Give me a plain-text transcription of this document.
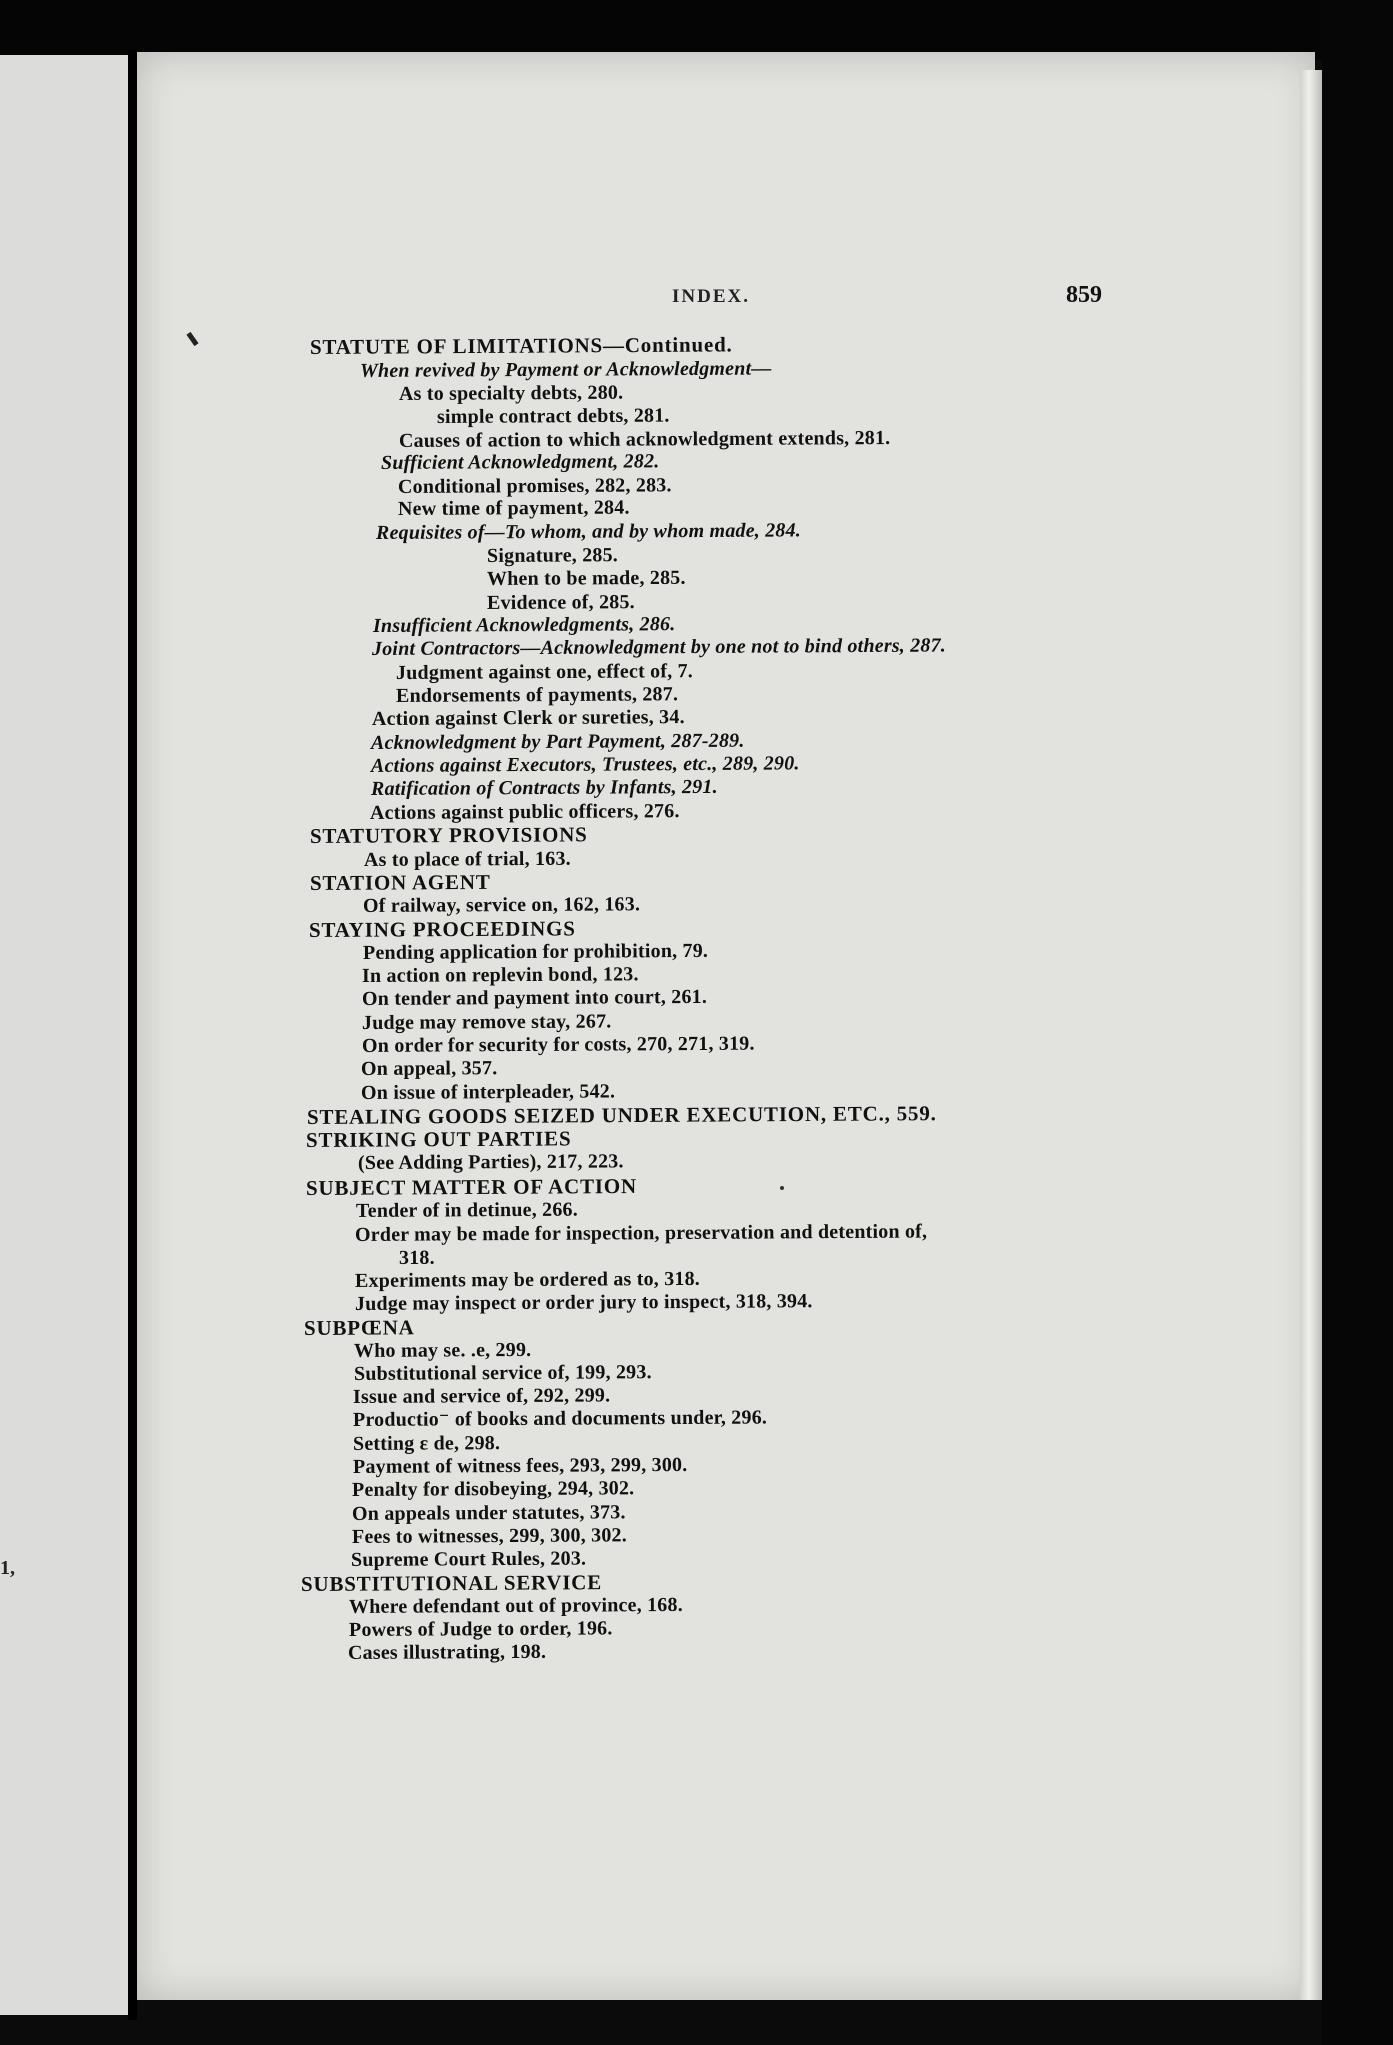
1,
INDEX.	859
STATUTE OF LIMITATIONS—Continued.
When revived by Payment or Acknowledgment—
As to specialty debts, 280.
simple contract debts, 281.
Causes of action to which acknowledgment extends, 281.
Sufficient Acknowledgment, 282.
Conditional promises, 282, 283.
New time of payment, 284.
Requisites of—To whom, and by whom made, 284.
Signature, 285.
When to be made, 285.
Evidence of, 285.
Insufficient Acknowledgments, 286.
Joint Contractors—Acknowledgment by one not to bind others, 287.
Judgment against one, effect of, 7.
Endorsements of payments, 287.
Action against Clerk or sureties, 34.
Acknowledgment by Part Payment, 287-289.
Actions against Executors, Trustees, etc., 289, 290.
Ratification of Contracts by Infants, 291.
Actions against public officers, 276.
STATUTORY PROVISIONS
As to place of trial, 163.
STATION AGENT
Of railway, service on, 162, 163.
STAYING PROCEEDINGS
Pending application for prohibition, 79.
In action on replevin bond, 123.
On tender and payment into court, 261.
Judge may remove stay, 267.
On order for security for costs, 270, 271, 319.
On appeal, 357.
On issue of interpleader, 542.
STEALING GOODS SEIZED UNDER EXECUTION, ETC., 559.
STRIKING OUT PARTIES
(See Adding Parties), 217, 223.
SUBJECT MATTER OF ACTION
Tender of in detinue, 266.
Order may be made for inspection, preservation and detention of,
318.
Experiments may be ordered as to, 318.
Judge may inspect or order jury to inspect, 318, 394.
SUBPŒNA
Who may se. .e, 299.
Substitutional service of, 199, 293.
Issue and service of, 292, 299.
Productio⁻ of books and documents under, 296.
Setting ε de, 298.
Payment of witness fees, 293, 299, 300.
Penalty for disobeying, 294, 302.
On appeals under statutes, 373.
Fees to witnesses, 299, 300, 302.
Supreme Court Rules, 203.
SUBSTITUTIONAL SERVICE
Where defendant out of province, 168.
Powers of Judge to order, 196.
Cases illustrating, 198.
